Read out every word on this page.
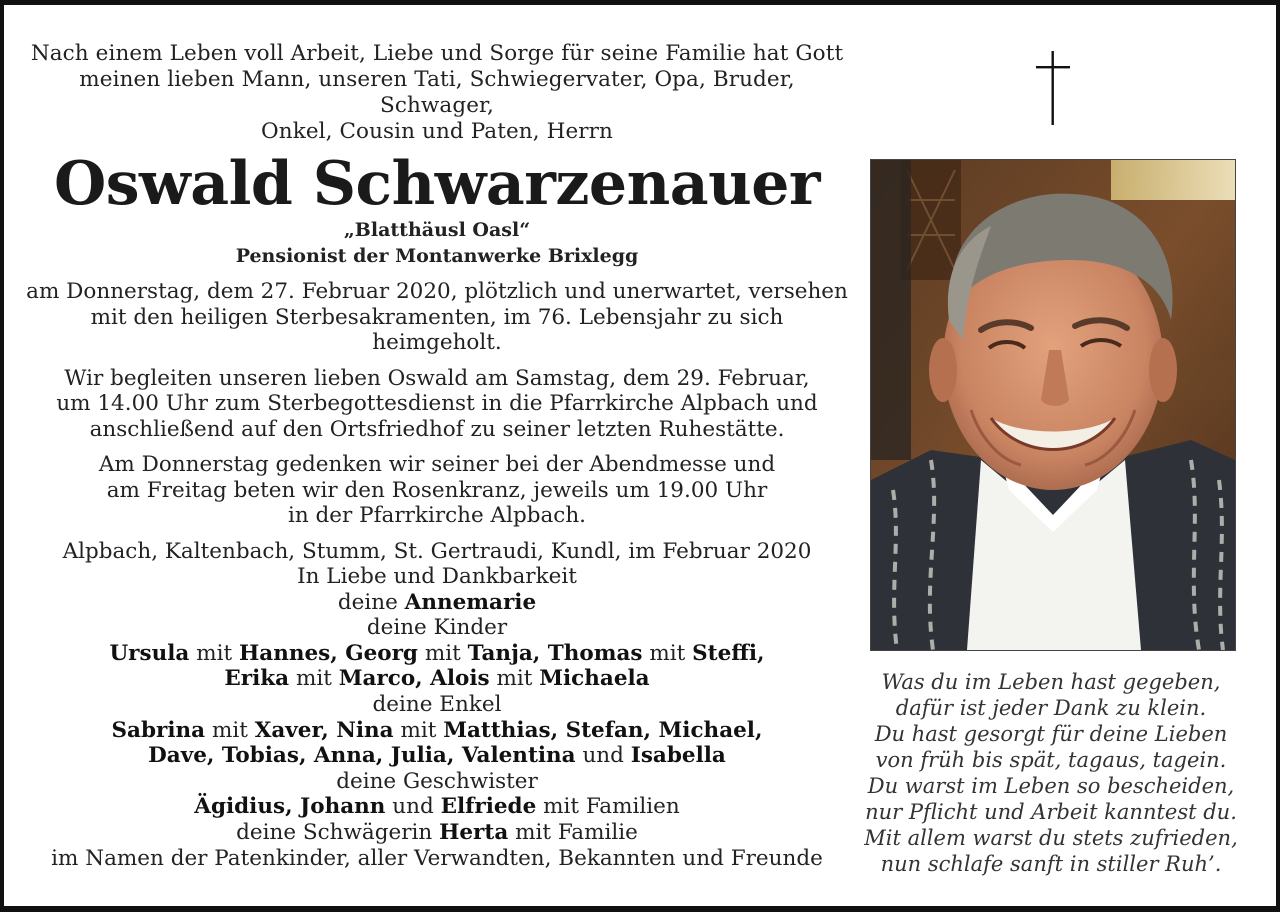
Nach einem Leben voll Arbeit, Liebe und Sorge für seine Familie hat Gott
meinen lieben Mann, unseren Tati, Schwiegervater, Opa, Bruder, Schwager,
Onkel, Cousin und Paten, Herrn
Oswald Schwarzenauer
„Blatthäusl Oasl“
Pensionist der Montanwerke Brixlegg
am Donnerstag, dem 27. Februar 2020, plötzlich und unerwartet, versehen
mit den heiligen Sterbesakramenten, im 76. Lebensjahr zu sich heimgeholt.
Wir begleiten unseren lieben Oswald am Samstag, dem 29. Februar,
um 14.00 Uhr zum Sterbegottesdienst in die Pfarrkirche Alpbach und
anschließend auf den Ortsfriedhof zu seiner letzten Ruhestätte.
Am Donnerstag gedenken wir seiner bei der Abendmesse und
am Freitag beten wir den Rosenkranz, jeweils um 19.00 Uhr
in der Pfarrkirche Alpbach.
Alpbach, Kaltenbach, Stumm, St. Gertraudi, Kundl, im Februar 2020
In Liebe und Dankbarkeit
deine Annemarie
deine Kinder
Ursula mit Hannes, Georg mit Tanja, Thomas mit Steffi,
Erika mit Marco, Alois mit Michaela
deine Enkel
Sabrina mit Xaver, Nina mit Matthias, Stefan, Michael,
Dave, Tobias, Anna, Julia, Valentina und Isabella
deine Geschwister
Ägidius, Johann und Elfriede mit Familien
deine Schwägerin Herta mit Familie
im Namen der Patenkinder, aller Verwandten, Bekannten und Freunde
Was du im Leben hast gegeben,
dafür ist jeder Dank zu klein.
Du hast gesorgt für deine Lieben
von früh bis spät, tagaus, tagein.
Du warst im Leben so bescheiden,
nur Pflicht und Arbeit kanntest du.
Mit allem warst du stets zufrieden,
nun schlafe sanft in stiller Ruh’.
